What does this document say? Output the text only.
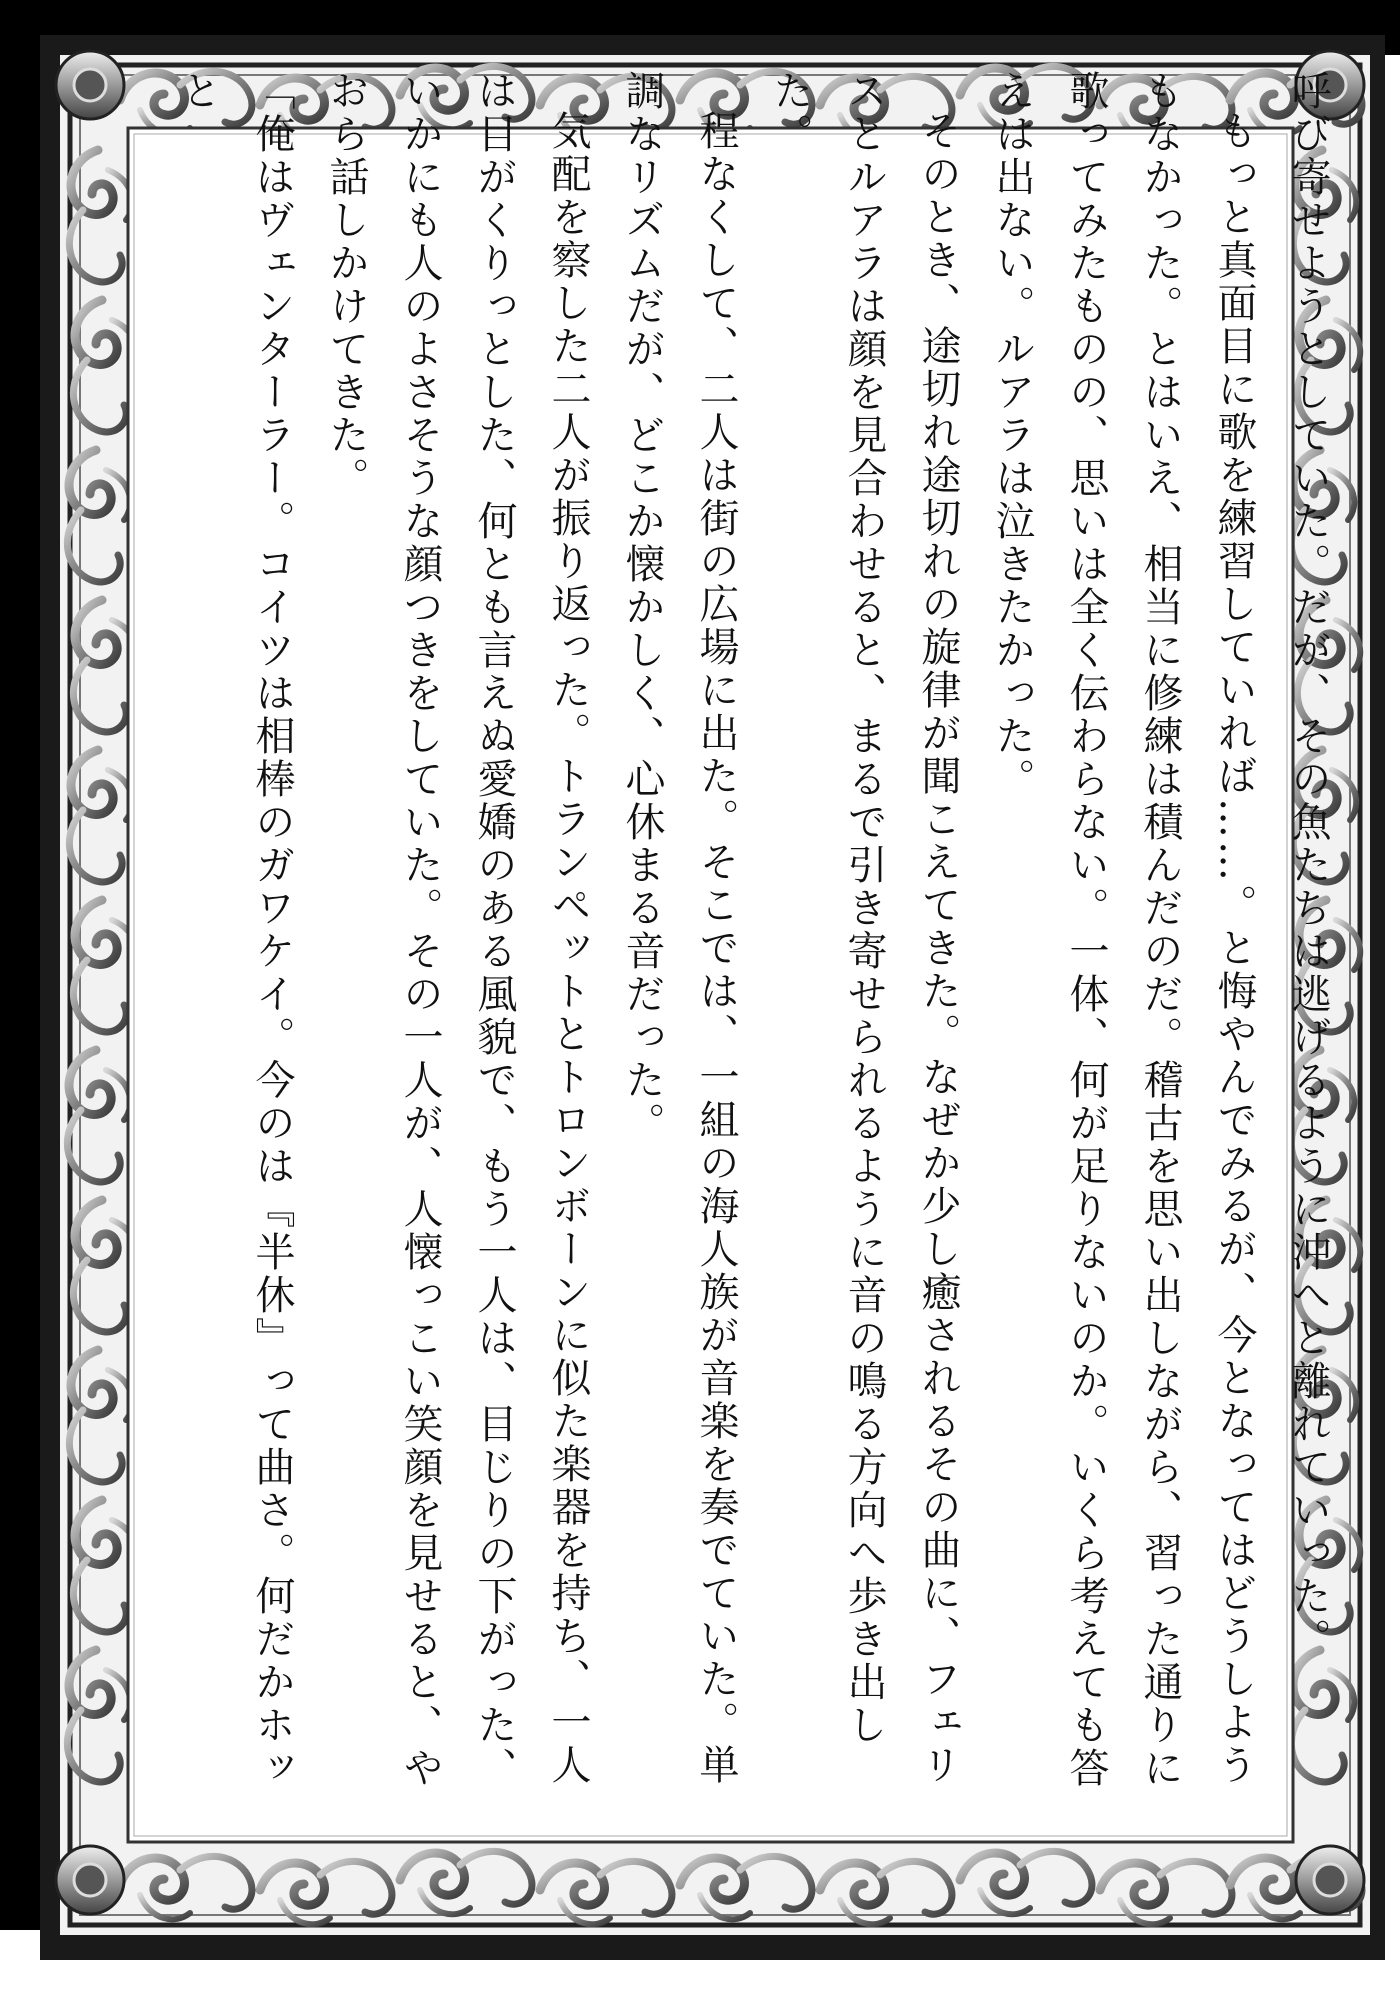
呼び寄せようとしていた。だが、その魚たちは逃げるように沖へと離れていった。

もっと真面目に歌を練習していれば……。と悔やんでみるが、今となってはどうしようもなかった。とはいえ、相当に修練は積んだのだ。稽古を思い出しながら、習った通りに歌ってみたものの、思いは全く伝わらない。一体、何が足りないのか。いくら考えても答えは出ない。ルアラは泣きたかった。

そのとき、途切れ途切れの旋律が聞こえてきた。なぜか少し癒されるその曲に、フェリスとルアラは顔を見合わせると、まるで引き寄せられるように音の鳴る方向へ歩き出した。

程なくして、二人は街の広場に出た。そこでは、一組の海人族が音楽を奏でていた。単調なリズムだが、どこか懐かしく、心休まる音だった。

気配を察した二人が振り返った。トランペットとトロンボーンに似た楽器を持ち、一人は目がくりっとした、何とも言えぬ愛嬌のある風貌で、もう一人は、目じりの下がった、いかにも人のよさそうな顔つきをしていた。その一人が、人懐っこい笑顔を見せると、やおら話しかけてきた。

「俺はヴェンターラー。コイツは相棒のガワケイ。今のは『半休』って曲さ。何だかホッと
